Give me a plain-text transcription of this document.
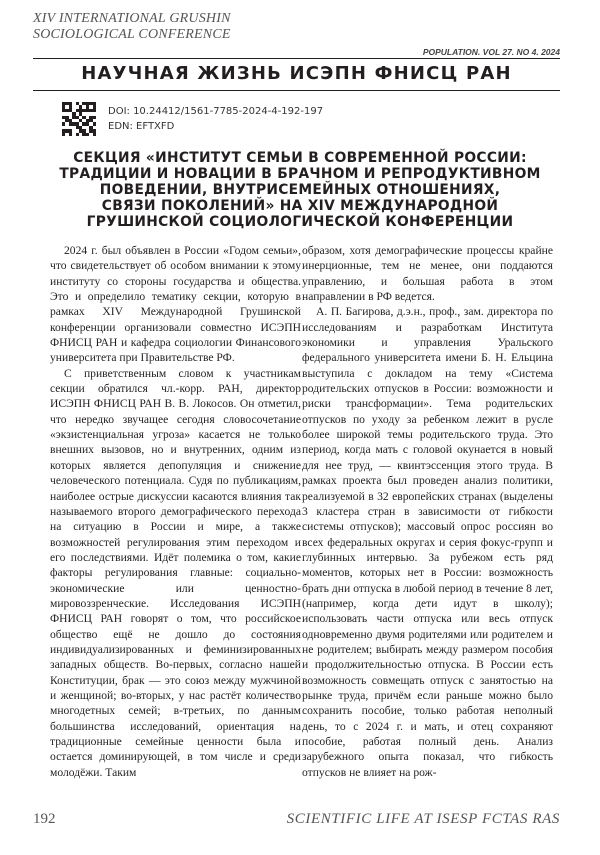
XIV INTERNATIONAL GRUSHIN
SOCIOLOGICAL CONFERENCE
POPULATION. VOL 27. NO 4. 2024
НАУЧНАЯ ЖИЗНЬ ИСЭПН ФНИСЦ РАН
DOI: 10.24412/1561-7785-2024-4-192-197
EDN: EFTXFD
СЕКЦИЯ «ИНСТИТУТ СЕМЬИ В СОВРЕМЕННОЙ РОССИИ:
ТРАДИЦИИ И НОВАЦИИ В БРАЧНОМ И РЕПРОДУКТИВНОМ
ПОВЕДЕНИИ, ВНУТРИСЕМЕЙНЫХ ОТНОШЕНИЯХ,
СВЯЗИ ПОКОЛЕНИЙ» НА XIV МЕЖДУНАРОДНОЙ
ГРУШИНСКОЙ СОЦИОЛОГИЧЕСКОЙ КОНФЕРЕНЦИИ

2024 г. был объявлен в России «Годом семьи», что свидетельствует об особом внимании к этому институту со стороны государства и общества. Это и определило тематику секции, которую в рамках XIV Международной Грушинской конференции организовали совместно ИСЭПН ФНИСЦ РАН и кафедра социологии Финансового университета при Правительстве РФ.

С приветственным словом к участникам секции обратился чл.-корр. РАН, директор ИСЭПН ФНИСЦ РАН В. В. Локосов. Он отметил, что нередко звучащее сегодня словосочетание «экзистенциальная угроза» касается не только внешних вызовов, но и внутренних, одним из которых является депопуляция и снижение человеческого потенциала. Судя по публикациям, наиболее острые дискуссии касаются влияния так называемого второго демографического перехода на ситуацию в России и мире, а также возможностей регулирования этим переходом и его последствиями. Идёт полемика о том, какие факторы регулирования главные: социально-экономические или ценностно-мировоззренческие. Исследования ИСЭПН ФНИСЦ РАН говорят о том, что российское общество ещё не дошло до состояния индивидуализированных и феминизированных западных обществ. Во-первых, согласно нашей Конституции, брак — это союз между мужчиной и женщиной; во-вторых, у нас растёт количество многодетных семей; в-третьих, по данным большинства исследований, ориентация на традиционные семейные ценности была и остается доминирующей, в том числе и среди молодёжи. Таким

образом, хотя демографические процессы крайне инерционные, тем не менее, они поддаются управлению, и большая работа в этом направлении в РФ ведется.

А. П. Багирова, д.э.н., проф., зам. директора по исследованиям и разработкам Института экономики и управления Уральского федерального университета имени Б. Н. Ельцина выступила с докладом на тему «Система родительских отпусков в России: возможности и риски трансформации». Тема родительских отпусков по уходу за ребенком лежит в русле более широкой темы родительского труда. Это период, когда мать с головой окунается в новый для нее труд, — квинтэссенция этого труда. В рамках проекта был проведен анализ политики, реализуемой в 32 европейских странах (выделены 3 кластера стран в зависимости от гибкости системы отпусков); массовый опрос россиян во всех федеральных округах и серия фокус-групп и глубинных интервью. За рубежом есть ряд моментов, которых нет в России: возможность брать дни отпуска в любой период в течение 8 лет, (например, когда дети идут в школу); использовать части отпуска или весь отпуск одновременно двумя родителями или родителем и не родителем; выбирать между размером пособия и продолжительностью отпуска. В России есть возможность совмещать отпуск с занятостью на рынке труда, причём если раньше можно было сохранить пособие, только работая неполный день, то с 2024 г. и мать, и отец сохраняют пособие, работая полный день. Анализ зарубежного опыта показал, что гибкость отпусков не влияет на рож-

192	SCIENTIFIC LIFE AT ISESP FCTAS RAS
